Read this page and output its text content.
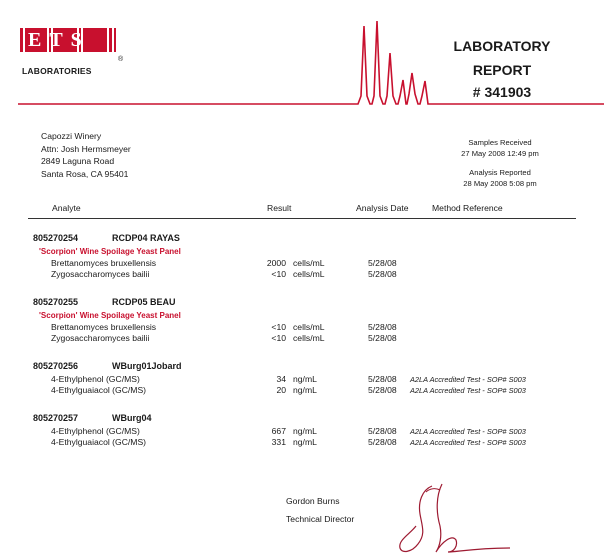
ETS
®
LABORATORIES
LABORATORY
REPORT
# 341903
Capozzi Winery
Attn: Josh Hermsmeyer
2849 Laguna Road
Santa Rosa, CA 95401
Samples Received
27 May 2008 12:49 pm
Analysis Reported
28 May 2008 5:08 pm
Analyte	Result	Analysis Date	Method Reference
805270254	RCDP04 RAYAS
'Scorpion' Wine Spoilage Yeast Panel
Brettanomyces bruxellensis	2000 cells/mL	5/28/08
Zygosaccharomyces bailii	<10 cells/mL	5/28/08
805270255	RCDP05 BEAU
'Scorpion' Wine Spoilage Yeast Panel
Brettanomyces bruxellensis	<10 cells/mL	5/28/08
Zygosaccharomyces bailii	<10 cells/mL	5/28/08
805270256	WBurg01Jobard
4-Ethylphenol (GC/MS)	34 ng/mL	5/28/08 A2LA Accredited Test - SOP# S003
4-Ethylguaiacol (GC/MS)	20 ng/mL	5/28/08 A2LA Accredited Test - SOP# S003
805270257	WBurg04
4-Ethylphenol (GC/MS)	667 ng/mL	5/28/08 A2LA Accredited Test - SOP# S003
4-Ethylguaiacol (GC/MS)	331 ng/mL	5/28/08 A2LA Accredited Test - SOP# S003
Gordon Burns
Technical Director
